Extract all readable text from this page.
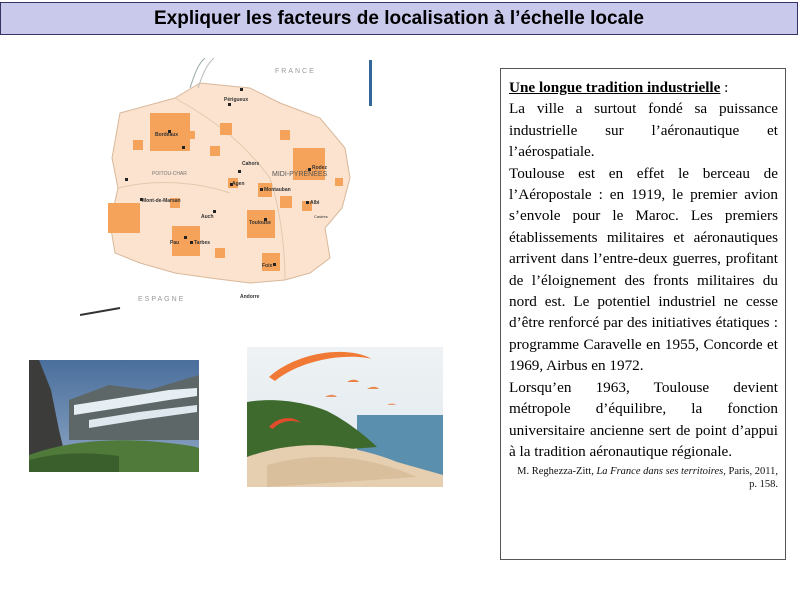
Expliquer les facteurs de localisation à l’échelle locale
FRANCE
ESPAGNE
POITOU-CHAR	MIDI-PYRÉNÉES
Bordeaux
Périgueux
Toulouse
Cahors
Agen
Montauban
Rodez
Albi
Auch
Tarbes
Pau
Foix
Mont-de-Marsan
Castres
Andorre

Une longue tradition industrielle :

La ville a surtout fondé sa puissance industrielle sur l’aéronautique et l’aérospatiale.

Toulouse est en effet le berceau de l’Aéropostale : en 1919, le premier avion s’envole pour le Maroc. Les premiers établissements militaires et aéronautiques arrivent dans l’entre-deux guerres, profitant de l’éloignement des fronts militaires du nord est. Le potentiel industriel ne cesse d’être renforcé par des initiatives étatiques : programme Caravelle en 1955, Concorde et 1969, Airbus en 1972.

Lorsqu’en 1963, Toulouse devient métropole d’équilibre, la fonction universitaire ancienne sert de point d’appui à la tradition aéronautique régionale.

M. Reghezza-Zitt, La France dans ses territoires, Paris, 2011, p. 158.
